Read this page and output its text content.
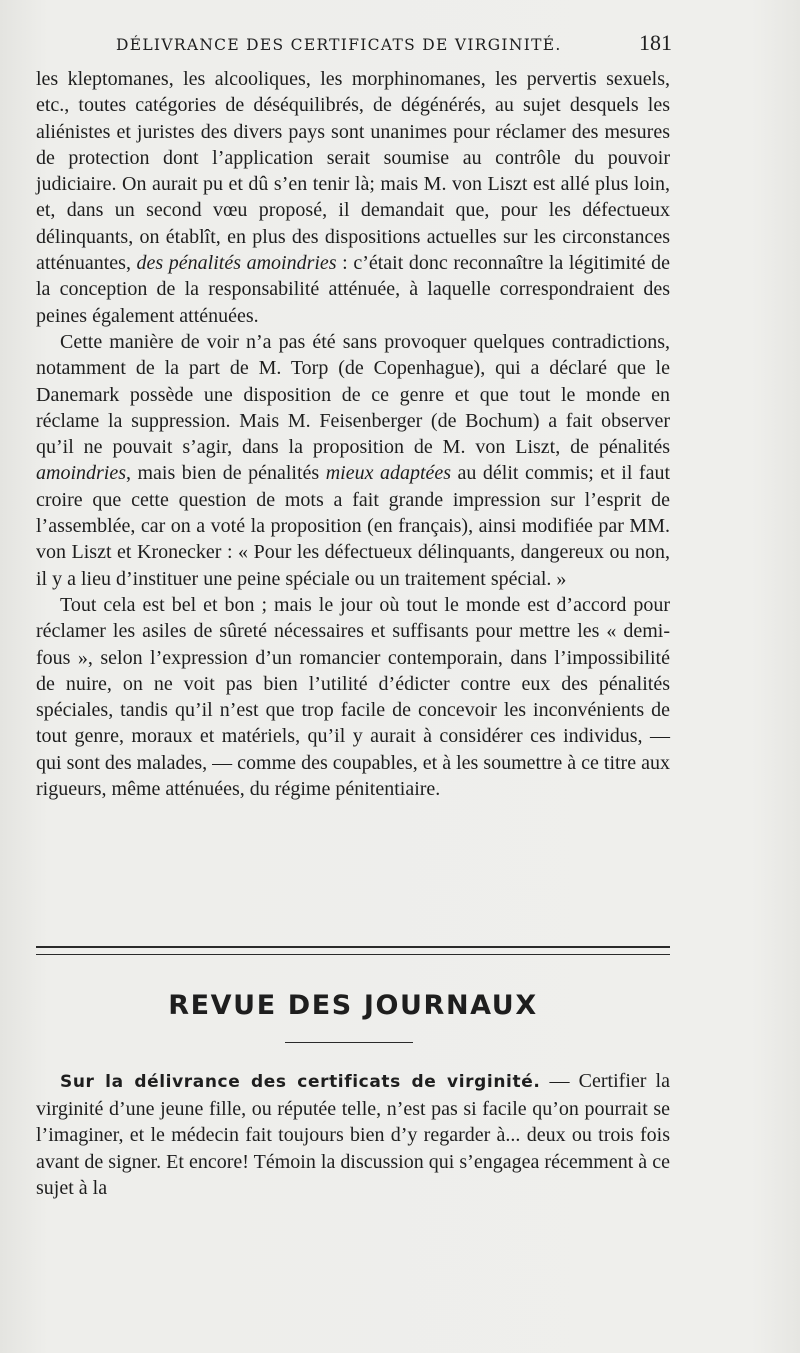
DÉLIVRANCE DES CERTIFICATS DE VIRGINITÉ.	181

les kleptomanes, les alcooliques, les morphinomanes, les pervertis sexuels, etc., toutes catégories de déséquilibrés, de dégénérés, au sujet desquels les aliénistes et juristes des divers pays sont unanimes pour réclamer des mesures de protection dont l’application serait soumise au contrôle du pouvoir judiciaire. On aurait pu et dû s’en tenir là; mais M. von Liszt est allé plus loin, et, dans un second vœu proposé, il demandait que, pour les défectueux délinquants, on établît, en plus des dispositions actuelles sur les circonstances atténuantes, des pénalités amoindries : c’était donc reconnaître la légitimité de la conception de la responsabilité atténuée, à laquelle correspondraient des peines également atténuées.

Cette manière de voir n’a pas été sans provoquer quelques contradictions, notamment de la part de M. Torp (de Copenhague), qui a déclaré que le Danemark possède une disposition de ce genre et que tout le monde en réclame la suppression. Mais M. Feisenberger (de Bochum) a fait observer qu’il ne pouvait s’agir, dans la proposition de M. von Liszt, de pénalités amoindries, mais bien de pénalités mieux adaptées au délit commis; et il faut croire que cette question de mots a fait grande impression sur l’esprit de l’assemblée, car on a voté la proposition (en français), ainsi modifiée par MM. von Liszt et Kronecker : « Pour les défectueux délinquants, dangereux ou non, il y a lieu d’instituer une peine spéciale ou un traitement spécial. »

Tout cela est bel et bon ; mais le jour où tout le monde est d’accord pour réclamer les asiles de sûreté nécessaires et suffisants pour mettre les « demi-fous », selon l’expression d’un romancier contemporain, dans l’impossibilité de nuire, on ne voit pas bien l’utilité d’édicter contre eux des pénalités spéciales, tandis qu’il n’est que trop facile de concevoir les inconvénients de tout genre, moraux et matériels, qu’il y aurait à considérer ces individus, — qui sont des malades, — comme des coupables, et à les soumettre à ce titre aux rigueurs, même atténuées, du régime pénitentiaire.

REVUE DES JOURNAUX

Sur la délivrance des certificats de virginité. — Certifier la virginité d’une jeune fille, ou réputée telle, n’est pas si facile qu’on pourrait se l’imaginer, et le médecin fait toujours bien d’y regarder à... deux ou trois fois avant de signer. Et encore! Témoin la discussion qui s’engagea récemment à ce sujet à la
